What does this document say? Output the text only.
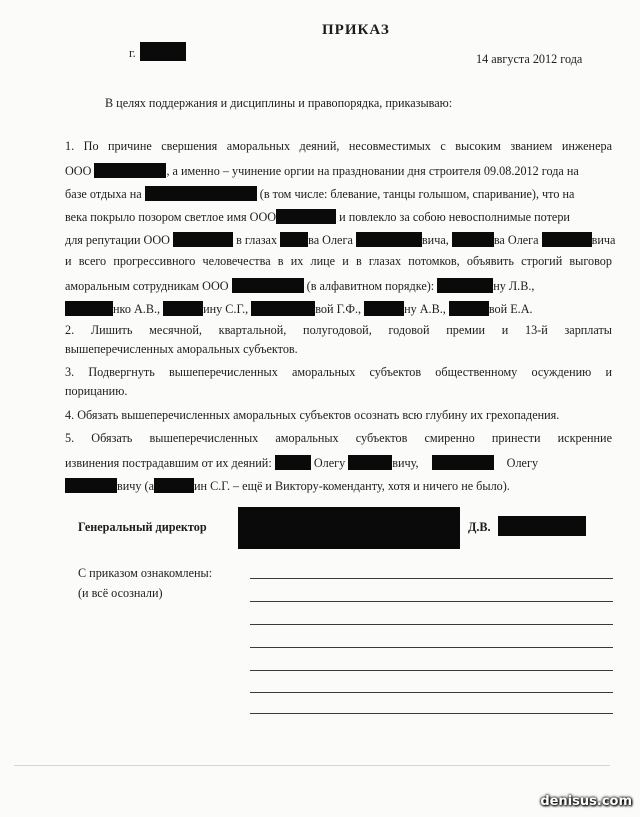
ПРИКАЗ
г.	14 августа 2012 года
В целях поддержания и дисциплины и правопорядка, приказываю:
1. По причине свершения аморальных деяний, несовместимых с высоким званием инженера
ООО	, а именно – учинение оргии на праздновании дня строителя 09.08.2012 года на
базе отдыха на	(в том числе: блевание, танцы голышом, спаривание), что на
века покрыло позором светлое имя ООО	и повлекло за собою невосполнимые потери
для репутации ООО	в глазах	ва Олега	вича,	ва Олега	вича
и всего прогрессивного человечества в их лице и в глазах потомков, объявить строгий выговор
аморальным сотрудникам ООО	(в алфавитном порядке):	ну Л.В.,
нко А.В.,	ину С.Г.,	вой Г.Ф.,	ну А.В.,	вой Е.А.
2. Лишить месячной, квартальной, полугодовой, годовой премии и 13-й зарплаты
вышеперечисленных аморальных субъектов.
3. Подвергнуть вышеперечисленных аморальных субъектов общественному осуждению и
порицанию.
4. Обязать вышеперечисленных аморальных субъектов осознать всю глубину их грехопадения.
5. Обязать вышеперечисленных аморальных субъектов смиренно принести искренние
извинения пострадавшим от их деяний:	Олегу	вичу,	Олегу
вичу (а	ин С.Г. – ещё и Виктору-коменданту, хотя и ничего не было).
Генеральный директор	Д.В.
С приказом ознакомлены:
(и всё осознали)
denisus.com
